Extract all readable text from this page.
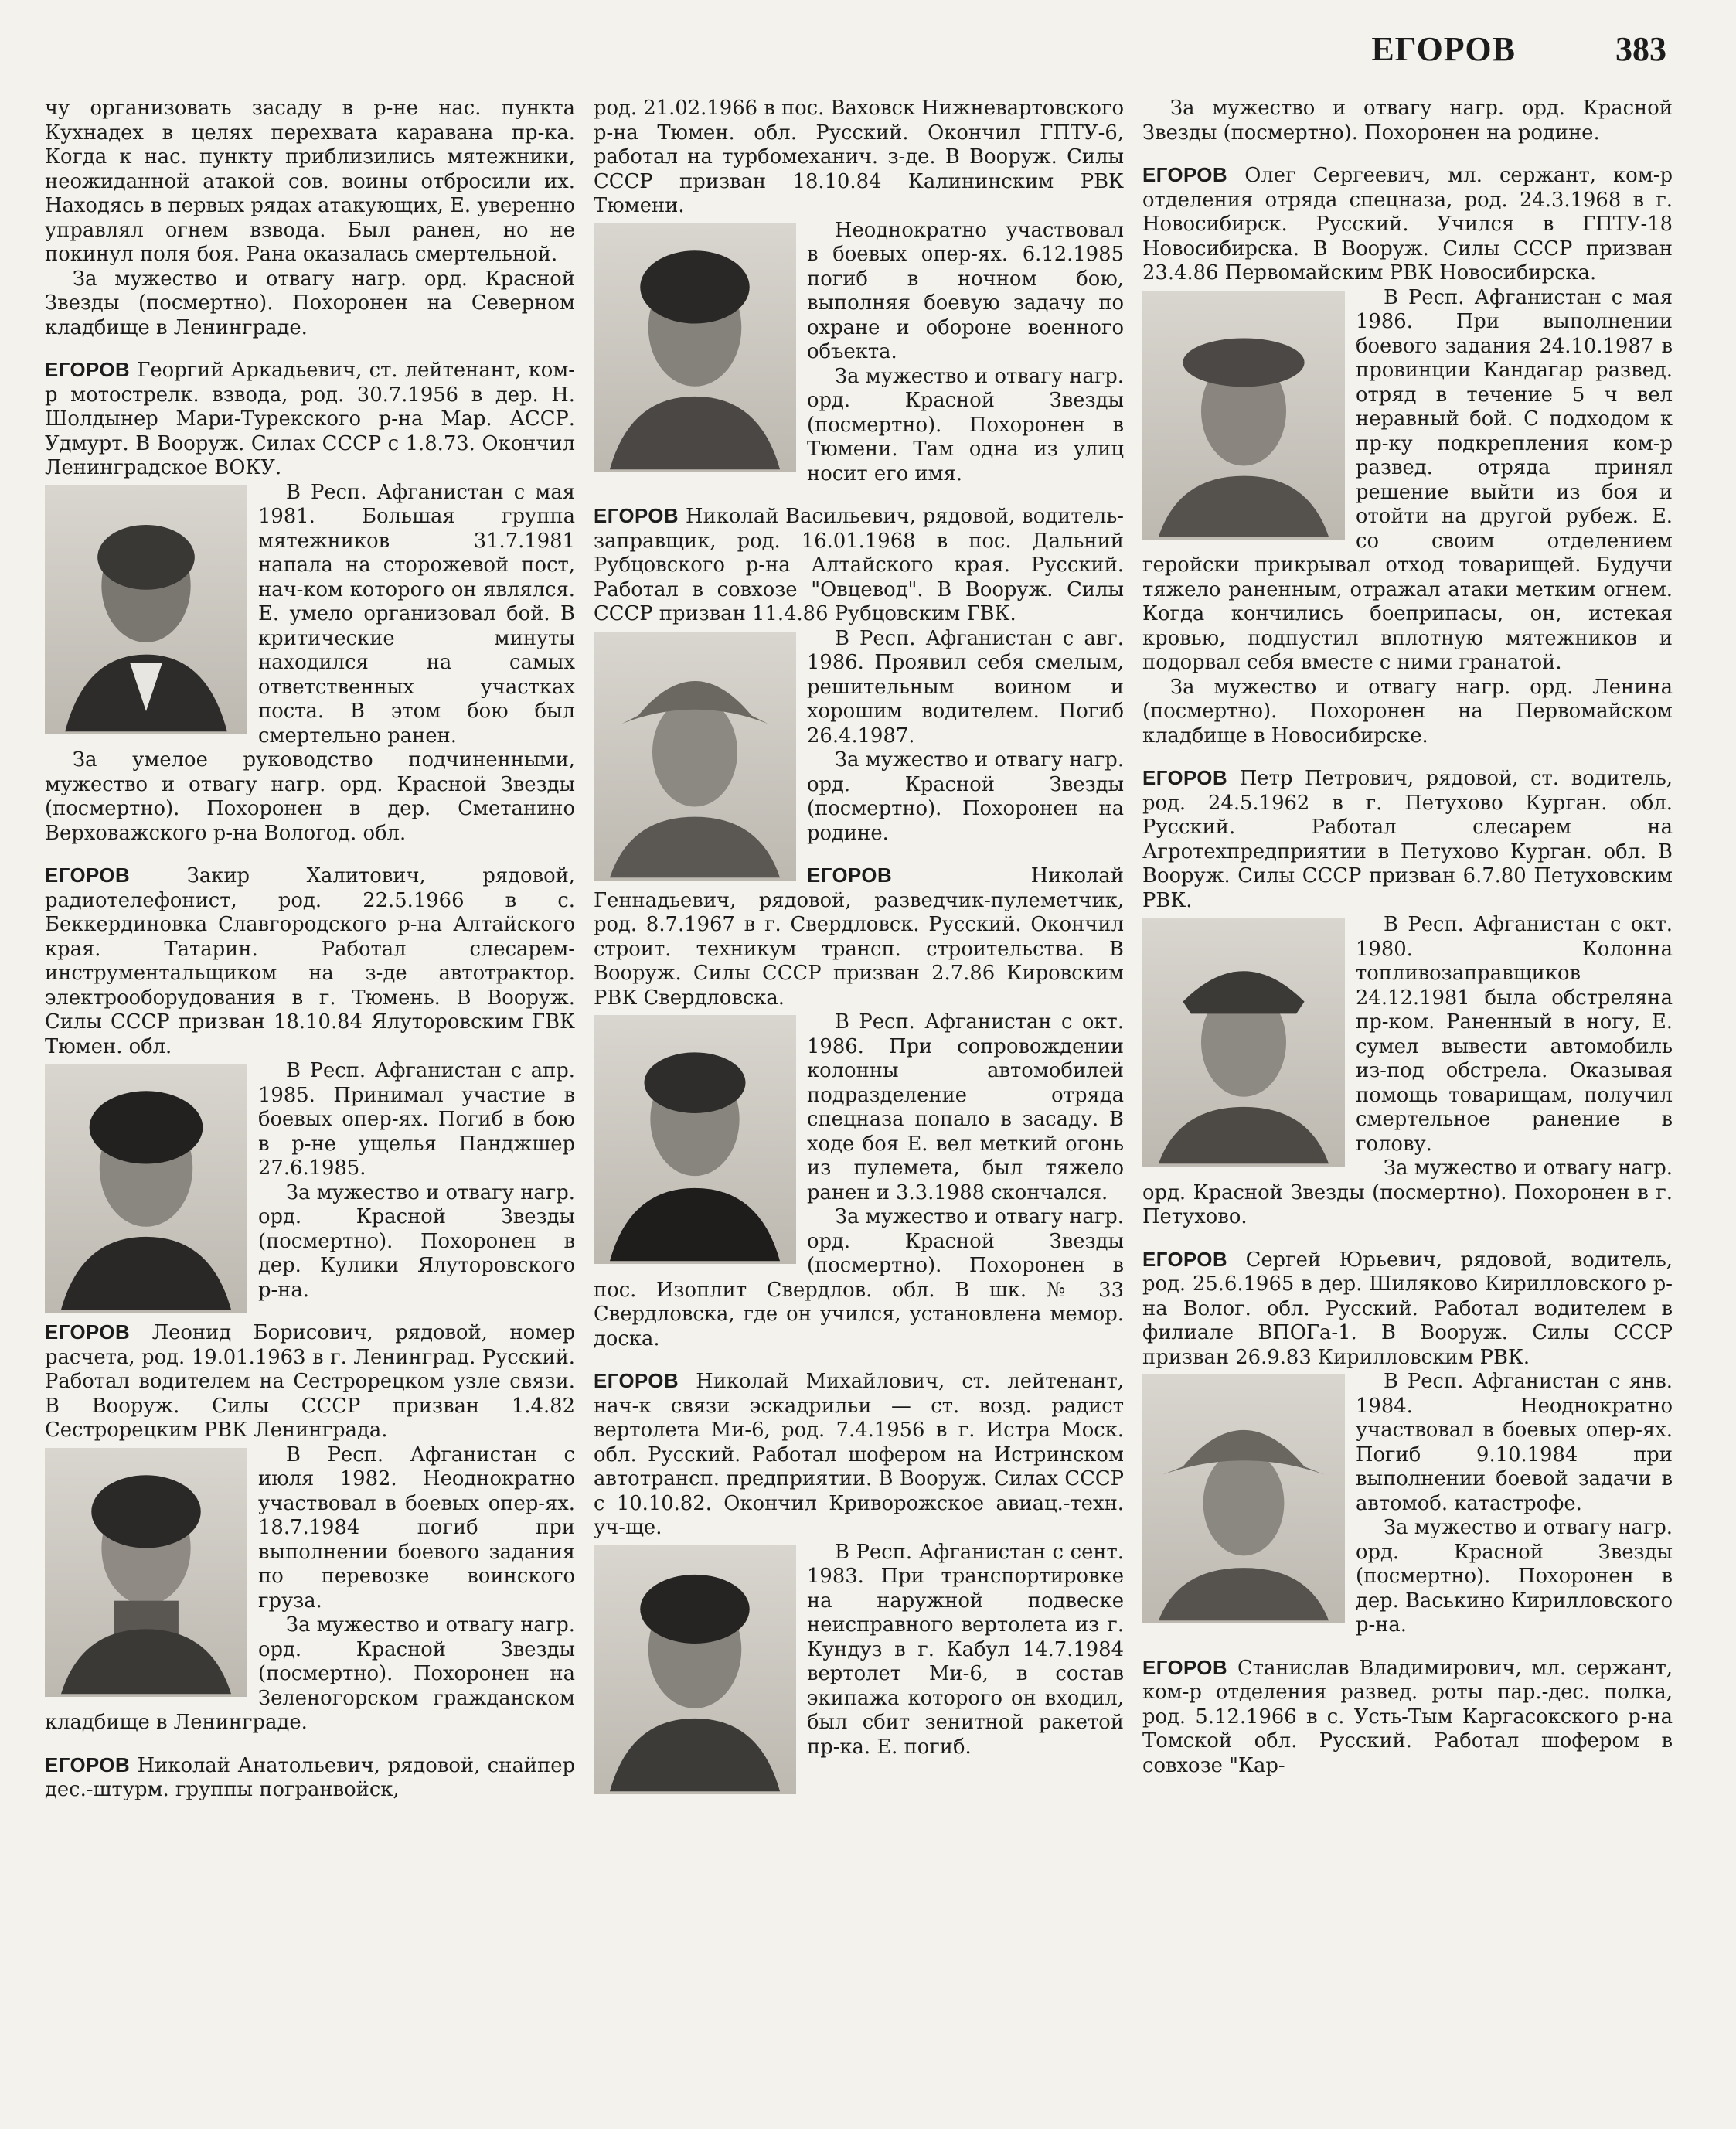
ЕГОРОВ	383

чу организовать засаду в р-не нас. пункта Кухнадех в целях перехвата каравана пр-ка. Когда к нас. пункту приблизились мятежники, неожиданной атакой сов. воины отбросили их. Находясь в первых рядах атакующих, Е. уверенно управлял огнем взвода. Был ранен, но не покинул поля боя. Рана оказалась смертельной.

За мужество и отвагу нагр. орд. Красной Звезды (посмертно). Похоронен на Северном кладбище в Ленинграде.

ЕГОРОВ Георгий Аркадьевич, ст. лейтенант, ком-р мотострелк. взвода, род. 30.7.1956 в дер. Н. Шолдынер Мари-Турекского р-на Мар. АССР. Удмурт. В Вооруж. Силах СССР с 1.8.73. Окончил Ленинградское ВОКУ.

В Респ. Афганистан с мая 1981. Большая группа мятежников 31.7.1981 напала на сторожевой пост, нач-ком которого он являлся. Е. умело организовал бой. В критические минуты находился на самых ответственных участках поста. В этом бою был смертельно ранен.

За умелое руководство подчиненными, мужество и отвагу нагр. орд. Красной Звезды (посмертно). Похоронен в дер. Сметанино Верховажского р-на Вологод. обл.

ЕГОРОВ	Закир Халитович, рядовой, радиотелефонист, род. 22.5.1966 в с. Беккердиновка Славгородского р-на Алтайского края. Татарин. Работал слесарем-инструментальщиком на з-де автотрактор. электрооборудования в г. Тюмень. В Вооруж. Силы СССР призван 18.10.84 Ялуторовским ГВК Тюмен. обл.

В Респ. Афганистан с апр. 1985. Принимал участие в боевых опер-ях. Погиб в бою в р-не ущелья Панджшер 27.6.1985.

За мужество и отвагу нагр. орд. Красной Звезды (посмертно). Похоронен в дер. Кулики Ялуторовского р-на.

ЕГОРОВ Леонид Борисович, рядовой, номер расчета, род. 19.01.1963 в г. Ленинград. Русский. Работал водителем на Сестрорецком узле связи. В Вооруж. Силы СССР призван 1.4.82 Сестрорецким РВК Ленинграда.

В Респ. Афганистан с июля 1982. Неоднократно участвовал в боевых опер-ях. 18.7.1984 погиб при выполнении боевого задания по перевозке воинского груза.

За мужество и отвагу нагр. орд. Красной Звезды (посмертно). Похоронен на Зеленогорском гражданском кладбище в Ленинграде.

ЕГОРОВ Николай Анатольевич, рядовой, снайпер дес.-штурм. группы погранвойск,

род. 21.02.1966 в пос. Ваховск Нижневартовского р-на Тюмен. обл. Русский. Окончил ГПТУ-6, работал на турбомеханич. з-де. В Вооруж. Силы СССР призван 18.10.84 Калининским РВК Тюмени.

Неоднократно участвовал в боевых опер-ях. 6.12.1985 погиб в ночном бою, выполняя боевую задачу по охране и обороне военного объекта.

За мужество и отвагу нагр. орд. Красной Звезды (посмертно). Похоронен в Тюмени. Там одна из улиц носит его имя.

ЕГОРОВ Николай Васильевич, рядовой, водитель-заправщик, род. 16.01.1968 в пос. Дальний Рубцовского р-на Алтайского края. Русский. Работал в совхозе "Овцевод". В Вооруж. Силы СССР призван 11.4.86 Рубцовским ГВК.

В Респ. Афганистан с авг. 1986. Проявил себя смелым, решительным воином и хорошим водителем. Погиб 26.4.1987.

За мужество и отвагу нагр. орд. Красной Звезды (посмертно). Похоронен на родине.

ЕГОРОВ	Николай Геннадьевич, рядовой, разведчик-пулеметчик, род. 8.7.1967 в г. Свердловск. Русский. Окончил строит. техникум трансп. строительства. В Вооруж. Силы СССР призван 2.7.86 Кировским РВК Свердловска.

В Респ. Афганистан с окт. 1986. При сопровождении колонны автомобилей подразделение отряда спецназа попало в засаду. В ходе боя Е. вел меткий огонь из пулемета, был тяжело ранен и 3.3.1988 скончался.

За мужество и отвагу нагр. орд. Красной Звезды (посмертно). Похоронен в пос. Изоплит Свердлов. обл. В шк. № 33 Свердловска, где он учился, установлена мемор. доска.

ЕГОРОВ Николай Михайлович, ст. лейтенант, нач-к связи эскадрильи — ст. возд. радист вертолета Ми-6, род. 7.4.1956 в г. Истра Моск. обл. Русский. Работал шофером на Истринском автотрансп. предприятии. В Вооруж. Силах СССР с 10.10.82. Окончил Криворожское авиац.-техн. уч-ще.

В Респ. Афганистан с сент. 1983. При транспортировке на наружной подвеске неисправного вертолета из г. Кундуз в г. Кабул 14.7.1984 вертолет Ми-6, в состав экипажа которого он входил, был сбит зенитной ракетой пр-ка. Е. погиб.

За мужество и отвагу нагр. орд. Красной Звезды (посмертно). Похоронен на родине.

ЕГОРОВ Олег Сергеевич, мл. сержант, ком-р отделения отряда спецназа, род. 24.3.1968 в г. Новосибирск. Русский. Учился в ГПТУ-18 Новосибирска. В Вооруж. Силы СССР призван 23.4.86 Первомайским РВК Новосибирска.

В Респ. Афганистан с мая 1986. При выполнении боевого задания 24.10.1987 в провинции Кандагар развед. отряд в течение 5 ч вел неравный бой. С подходом к пр-ку подкрепления ком-р развед. отряда принял решение выйти из боя и отойти на другой рубеж. Е. со своим отделением геройски прикрывал отход товарищей. Будучи тяжело раненным, отражал атаки метким огнем. Когда кончились боеприпасы, он, истекая кровью, подпустил вплотную мятежников и подорвал себя вместе с ними гранатой.

За мужество и отвагу нагр. орд. Ленина (посмертно). Похоронен на Первомайском кладбище в Новосибирске.

ЕГОРОВ Петр Петрович, рядовой, ст. водитель, род. 24.5.1962 в г. Петухово Курган. обл. Русский. Работал слесарем на Агротехпредприятии в Петухово Курган. обл. В Вооруж. Силы СССР призван 6.7.80 Петуховским РВК.

В Респ. Афганистан с окт. 1980. Колонна топливозаправщиков 24.12.1981 была обстреляна пр-ком. Раненный в ногу, Е. сумел вывести автомобиль из-под обстрела. Оказывая помощь товарищам, получил смертельное ранение в голову.

За мужество и отвагу нагр. орд. Красной Звезды (посмертно). Похоронен в г. Петухово.

ЕГОРОВ Сергей Юрьевич, рядовой, водитель, род. 25.6.1965 в дер. Шиляково Кирилловского р-на Волог. обл. Русский. Работал водителем в филиале ВПОГа-1. В Вооруж. Силы СССР призван 26.9.83 Кирилловским РВК.

В Респ. Афганистан с янв. 1984. Неоднократно участвовал в боевых опер-ях. Погиб 9.10.1984 при выполнении боевой задачи в автомоб. катастрофе.

За мужество и отвагу нагр. орд. Красной Звезды (посмертно). Похоронен в дер. Васькино Кирилловского р-на.

ЕГОРОВ Станислав Владимирович, мл. сержант, ком-р отделения развед. роты пар.-дес. полка, род. 5.12.1966 в с. Усть-Тым Каргасокского р-на Томской обл. Русский. Работал шофером в совхозе "Кар-
